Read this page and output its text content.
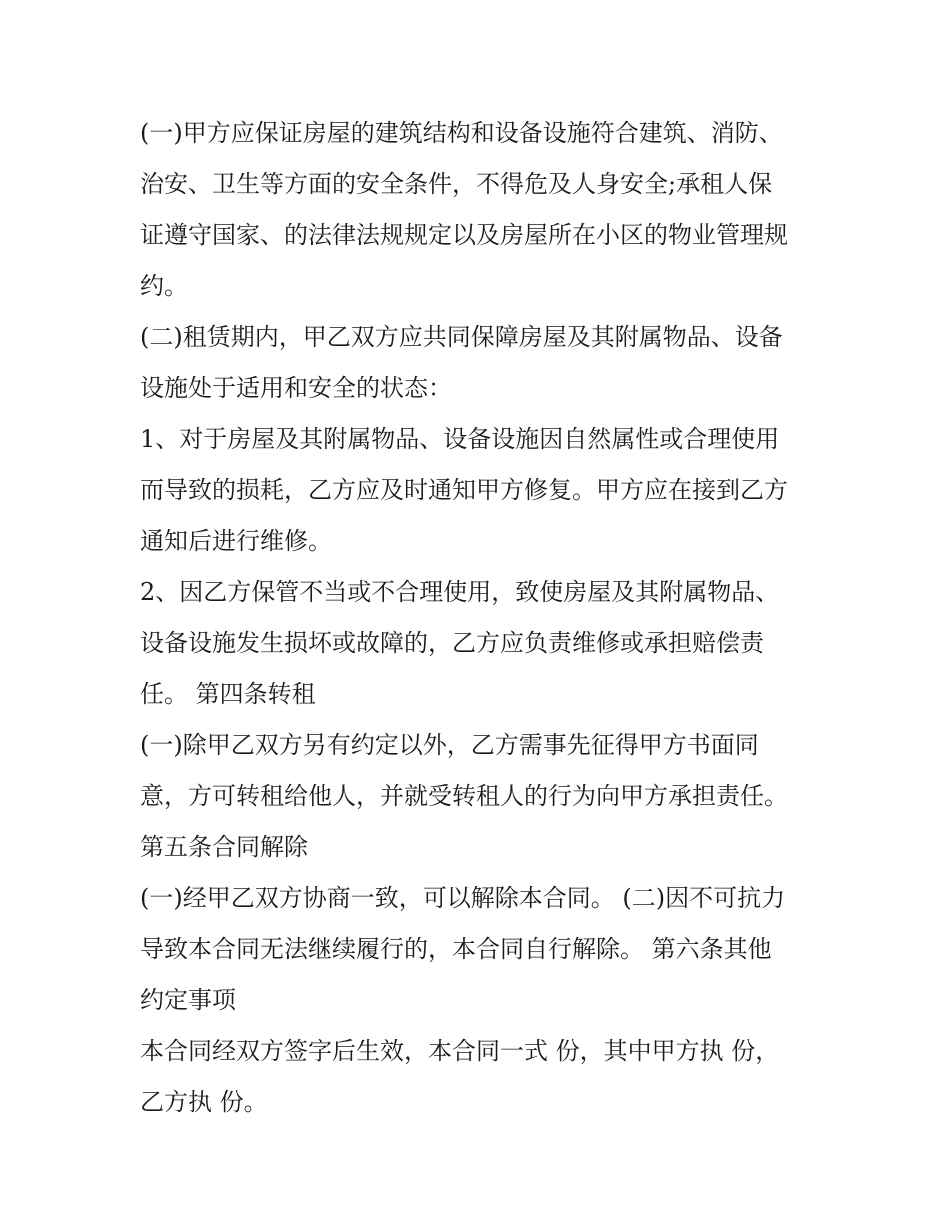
(一)甲方应保证房屋的建筑结构和设备设施符合建筑、消防、
治安、卫生等方面的安全条件，不得危及人身安全;承租人保
证遵守国家、的法律法规规定以及房屋所在小区的物业管理规
约。
(二)租赁期内，甲乙双方应共同保障房屋及其附属物品、设备
设施处于适用和安全的状态：
1、对于房屋及其附属物品、设备设施因自然属性或合理使用
而导致的损耗，乙方应及时通知甲方修复。甲方应在接到乙方
通知后进行维修。
2、因乙方保管不当或不合理使用，致使房屋及其附属物品、
设备设施发生损坏或故障的，乙方应负责维修或承担赔偿责
任。 第四条转租
(一)除甲乙双方另有约定以外，乙方需事先征得甲方书面同
意，方可转租给他人，并就受转租人的行为向甲方承担责任。
第五条合同解除
(一)经甲乙双方协商一致，可以解除本合同。 (二)因不可抗力
导致本合同无法继续履行的，本合同自行解除。 第六条其他
约定事项
本合同经双方签字后生效，本合同一式 份，其中甲方执 份，
乙方执 份。
